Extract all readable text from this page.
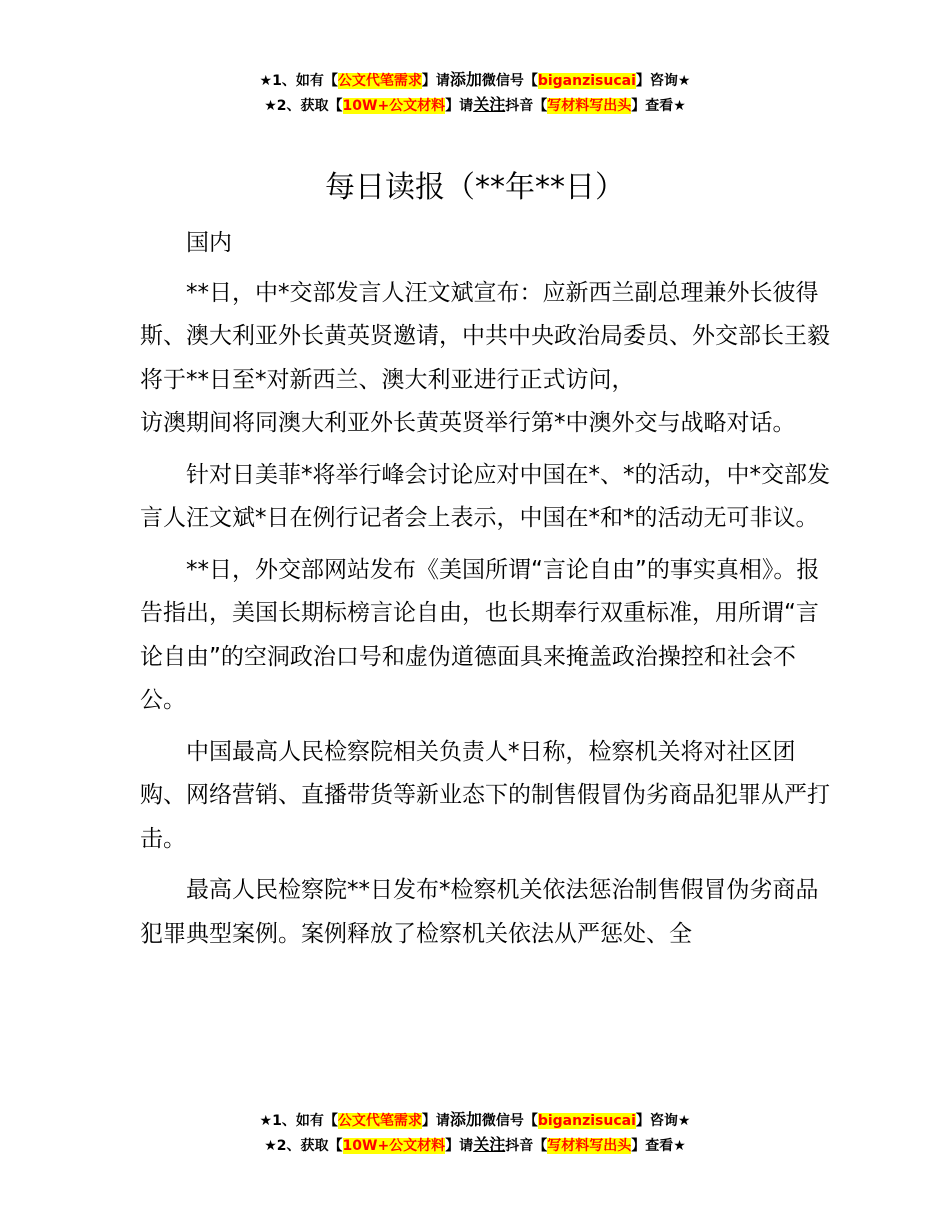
★1、如有【公文代笔需求】请添加微信号【biganzisucai】咨询★
★2、获取【10W+公文材料】请关注抖音【写材料写出头】查看★
每日读报（**年**日）

国内

**日，中*交部发言人汪文斌宣布：应新西兰副总理兼外长彼得斯、澳大利亚外长黄英贤邀请，中共中央政治局委员、外交部长王毅将于**日至*对新西兰、澳大利亚进行正式访问，
访澳期间将同澳大利亚外长黄英贤举行第*中澳外交与战略对话。

针对日美菲*将举行峰会讨论应对中国在*、*的活动，中*交部发言人汪文斌*日在例行记者会上表示，中国在*和*的活动无可非议。

**日，外交部网站发布《美国所谓“言论自由”的事实真相》。报告指出，美国长期标榜言论自由，也长期奉行双重标准，用所谓“言论自由”的空洞政治口号和虚伪道德面具来掩盖政治操控和社会不公。

中国最高人民检察院相关负责人*日称，检察机关将对社区团购、网络营销、直播带货等新业态下的制售假冒伪劣商品犯罪从严打击。

最高人民检察院**日发布*检察机关依法惩治制售假冒伪劣商品犯罪典型案例。案例释放了检察机关依法从严惩处、全

★1、如有【公文代笔需求】请添加微信号【biganzisucai】咨询★
★2、获取【10W+公文材料】请关注抖音【写材料写出头】查看★
